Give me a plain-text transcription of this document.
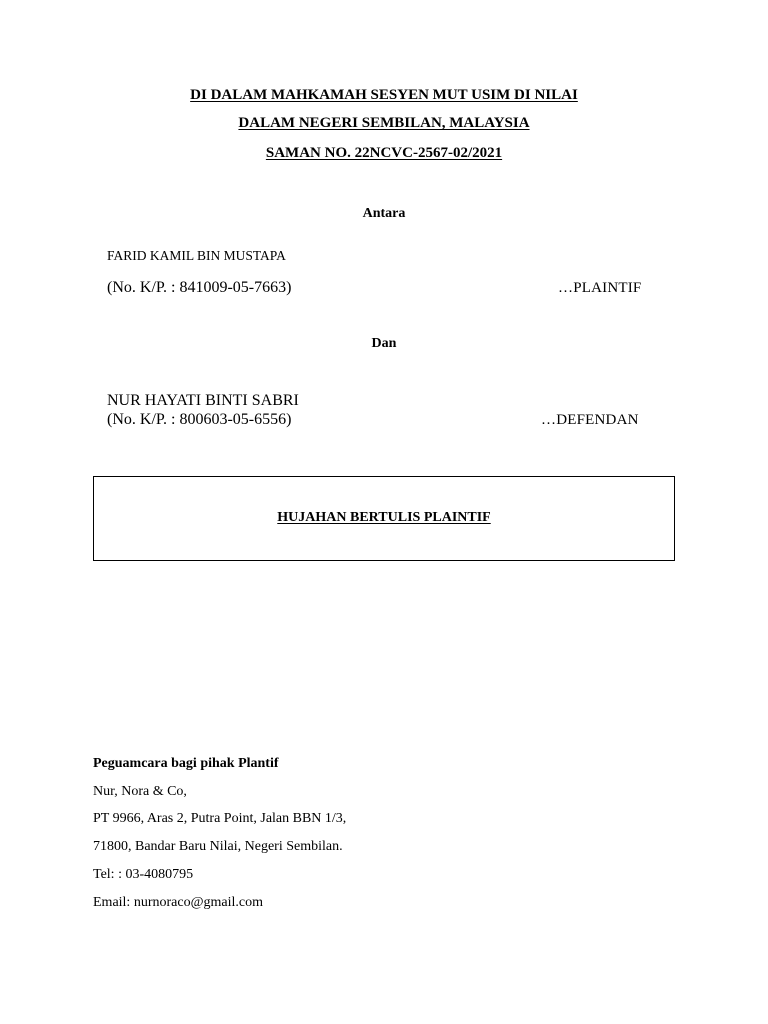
DI DALAM MAHKAMAH SESYEN MUT USIM DI NILAI
DALAM NEGERI SEMBILAN, MALAYSIA
SAMAN NO. 22NCVC-2567-02/2021
Antara
FARID KAMIL BIN MUSTAPA
(No. K/P. : 841009-05-7663)	…PLAINTIF
Dan
NUR HAYATI BINTI SABRI
(No. K/P. : 800603-05-6556)	…DEFENDAN
HUJAHAN BERTULIS PLAINTIF
Peguamcara bagi pihak Plantif
Nur, Nora & Co,
PT 9966, Aras 2, Putra Point, Jalan BBN 1/3,
71800, Bandar Baru Nilai, Negeri Sembilan.
Tel: : 03-4080795
Email: nurnoraco@gmail.com
